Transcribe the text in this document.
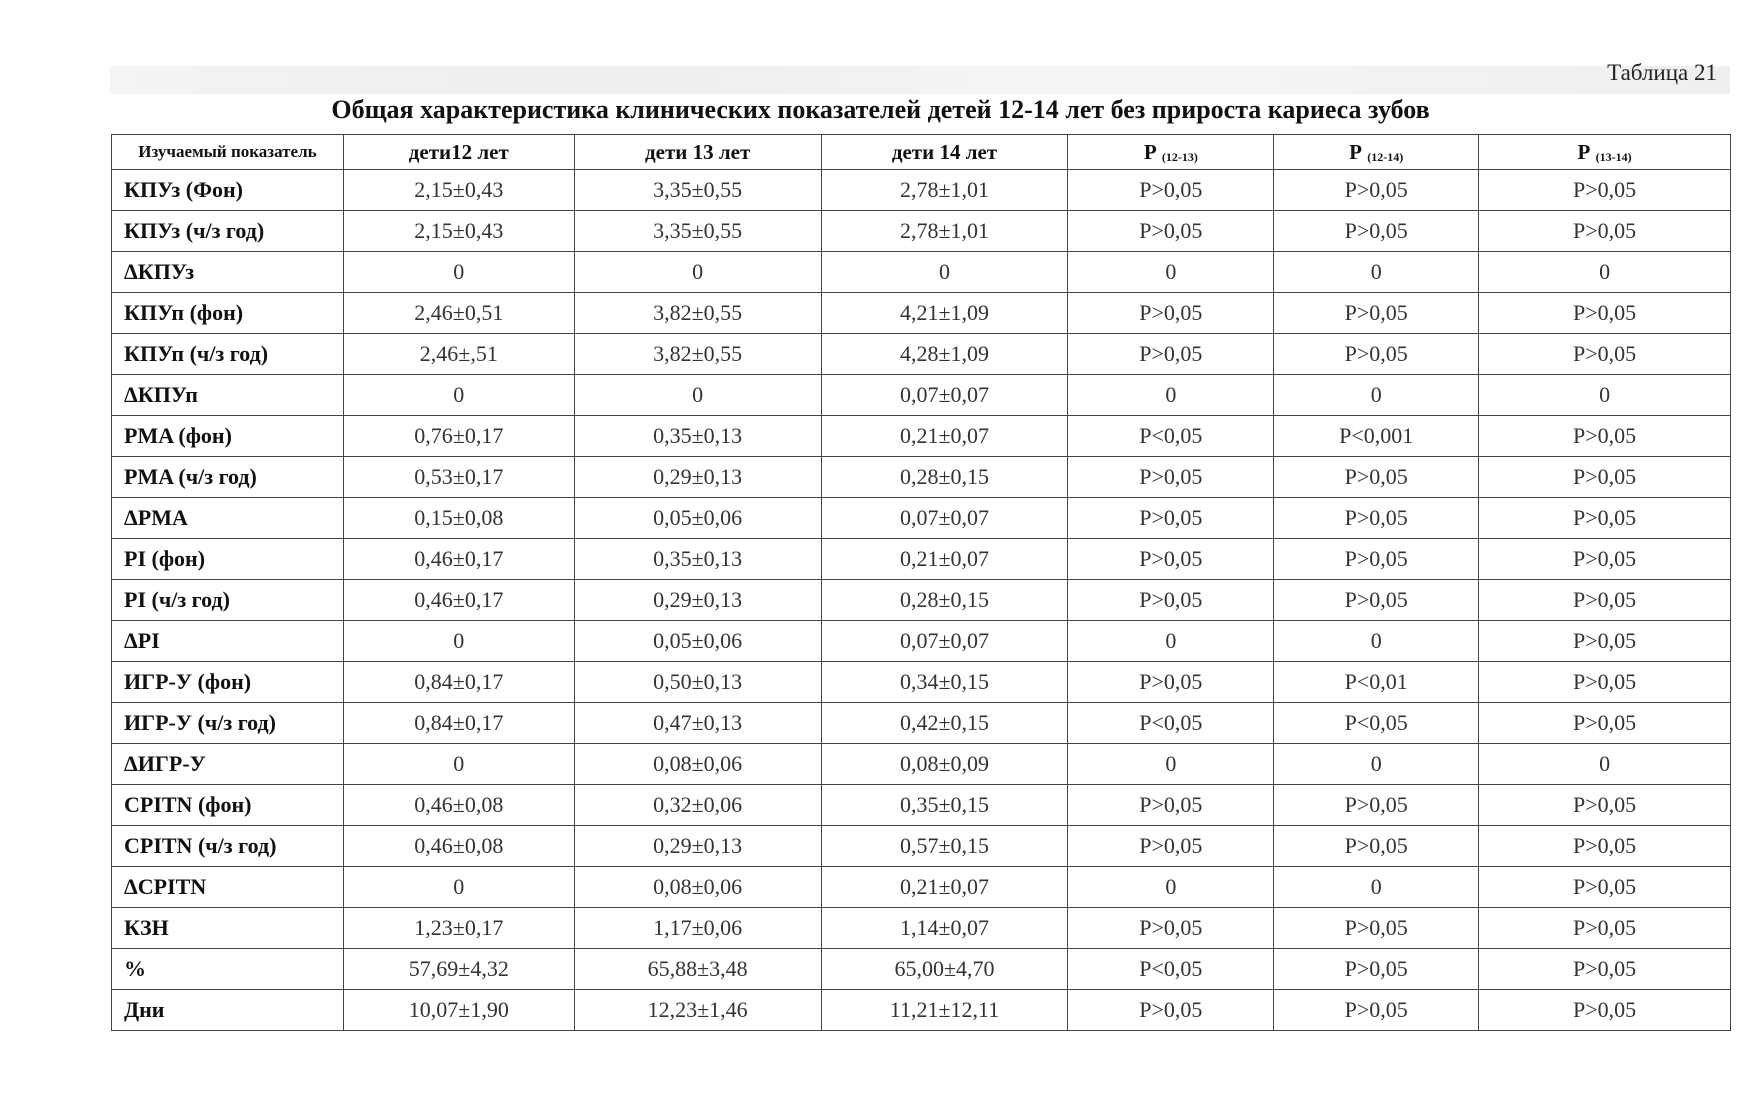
Таблица 21
Общая характеристика клинических показателей детей 12-14 лет без прироста кариеса зубов
Изучаемый показатель	дети12 лет	дети 13 лет	дети 14 лет	Р $_{(12-13)}$	Р $_{(12-14)}$	Р $_{(13-14)}$
КПУз (Фон)	2,15±0,43	3,35±0,55	2,78±1,01	P>0,05	P>0,05	P>0,05
КПУз (ч/з год)	2,15±0,43	3,35±0,55	2,78±1,01	P>0,05	P>0,05	P>0,05
ΔКПУз	0	0	0	0	0	0
КПУп (фон)	2,46±0,51	3,82±0,55	4,21±1,09	P>0,05	P>0,05	P>0,05
КПУп (ч/з год)	2,46±,51	3,82±0,55	4,28±1,09	P>0,05	P>0,05	P>0,05
ΔКПУп	0	0	0,07±0,07	0	0	0
PMA (фон)	0,76±0,17	0,35±0,13	0,21±0,07	P<0,05	P<0,001	P>0,05
PMA (ч/з год)	0,53±0,17	0,29±0,13	0,28±0,15	P>0,05	P>0,05	P>0,05
ΔPMA	0,15±0,08	0,05±0,06	0,07±0,07	P>0,05	P>0,05	P>0,05
PI (фон)	0,46±0,17	0,35±0,13	0,21±0,07	P>0,05	P>0,05	P>0,05
PI (ч/з год)	0,46±0,17	0,29±0,13	0,28±0,15	P>0,05	P>0,05	P>0,05
ΔPI	0	0,05±0,06	0,07±0,07	0	0	P>0,05
ИГР-У (фон)	0,84±0,17	0,50±0,13	0,34±0,15	P>0,05	P<0,01	P>0,05
ИГР-У (ч/з год)	0,84±0,17	0,47±0,13	0,42±0,15	P<0,05	P<0,05	P>0,05
ΔИГР-У	0	0,08±0,06	0,08±0,09	0	0	0
CPITN (фон)	0,46±0,08	0,32±0,06	0,35±0,15	P>0,05	P>0,05	P>0,05
CPITN (ч/з год)	0,46±0,08	0,29±0,13	0,57±0,15	P>0,05	P>0,05	P>0,05
ΔCPITN	0	0,08±0,06	0,21±0,07	0	0	P>0,05
КЗН	1,23±0,17	1,17±0,06	1,14±0,07	P>0,05	P>0,05	P>0,05
%	57,69±4,32	65,88±3,48	65,00±4,70	P<0,05	P>0,05	P>0,05
Дни	10,07±1,90	12,23±1,46	11,21±12,11	P>0,05	P>0,05	P>0,05
